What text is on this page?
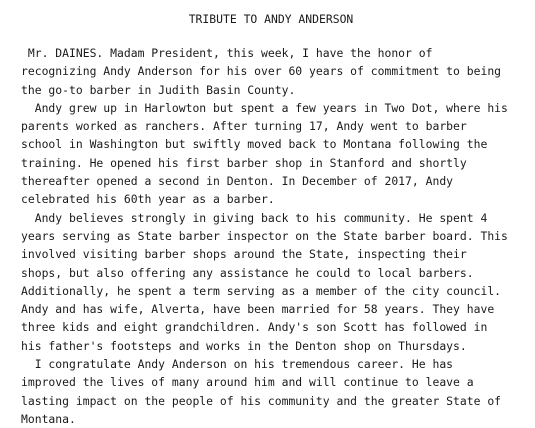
TRIBUTE TO ANDY ANDERSON
Mr. DAINES. Madam President, this week, I have the honor of
recognizing Andy Anderson for his over 60 years of commitment to being
the go-to barber in Judith Basin County.
Andy grew up in Harlowton but spent a few years in Two Dot, where his
parents worked as ranchers. After turning 17, Andy went to barber
school in Washington but swiftly moved back to Montana following the
training. He opened his first barber shop in Stanford and shortly
thereafter opened a second in Denton. In December of 2017, Andy
celebrated his 60th year as a barber.
Andy believes strongly in giving back to his community. He spent 4
years serving as State barber inspector on the State barber board. This
involved visiting barber shops around the State, inspecting their
shops, but also offering any assistance he could to local barbers.
Additionally, he spent a term serving as a member of the city council.
Andy and has wife, Alverta, have been married for 58 years. They have
three kids and eight grandchildren. Andy's son Scott has followed in
his father's footsteps and works in the Denton shop on Thursdays.
I congratulate Andy Anderson on his tremendous career. He has
improved the lives of many around him and will continue to leave a
lasting impact on the people of his community and the greater State of
Montana.
